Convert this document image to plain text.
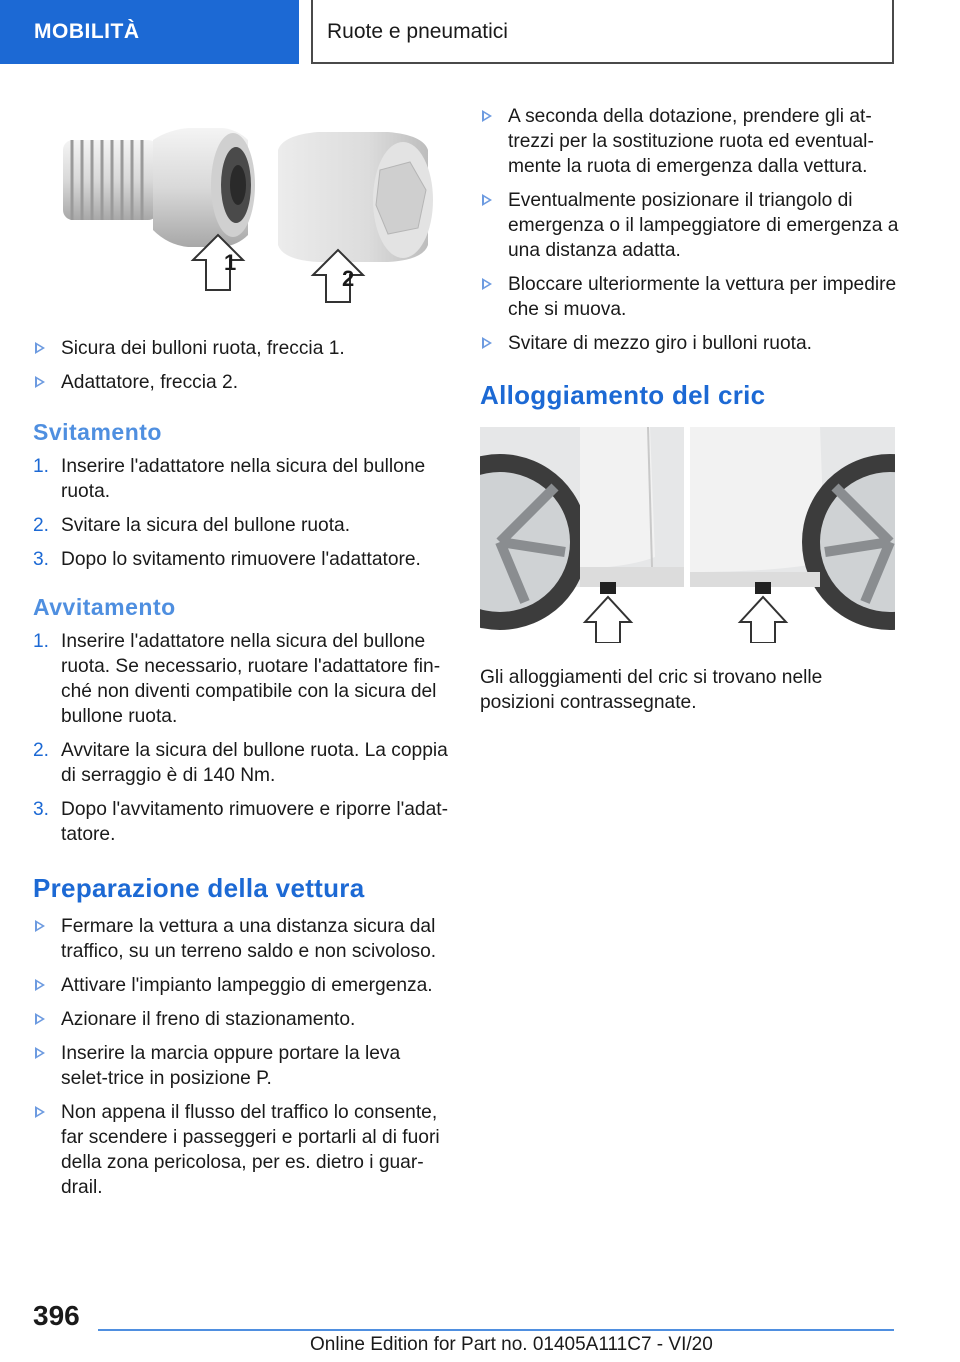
MOBILITÀ	Ruote e pneumatici
1
2
Sicura dei bulloni ruota, freccia 1.
Adattatore, freccia 2.
Svitamento
1. Inserire l'adattatore nella sicura del bullone ruota.
2. Svitare la sicura del bullone ruota.
3. Dopo lo svitamento rimuovere l'adattatore.
Avvitamento
1. Inserire l'adattatore nella sicura del bullone ruota. Se necessario, ruotare l'adattatore fin-ché non diventi compatibile con la sicura del bullone ruota.
2. Avvitare la sicura del bullone ruota. La coppia di serraggio è di 140 Nm.
3. Dopo l'avvitamento rimuovere e riporre l'adat-tatore.
Preparazione della vettura
Fermare la vettura a una distanza sicura dal traffico, su un terreno saldo e non scivoloso.
Attivare l'impianto lampeggio di emergenza.
Azionare il freno di stazionamento.
Inserire la marcia oppure portare la leva selet-trice in posizione P.
Non appena il flusso del traffico lo consente, far scendere i passeggeri e portarli al di fuori della zona pericolosa, per es. dietro i guar-drail.
A seconda della dotazione, prendere gli at-trezzi per la sostituzione ruota ed eventual-mente la ruota di emergenza dalla vettura.
Eventualmente posizionare il triangolo di emergenza o il lampeggiatore di emergenza a una distanza adatta.
Bloccare ulteriormente la vettura per impedire che si muova.
Svitare di mezzo giro i bulloni ruota.
Alloggiamento del cric

Gli alloggiamenti del cric si trovano nelle posizioni contrassegnate.

396
Online Edition for Part no. 01405A111C7 - VI/20
